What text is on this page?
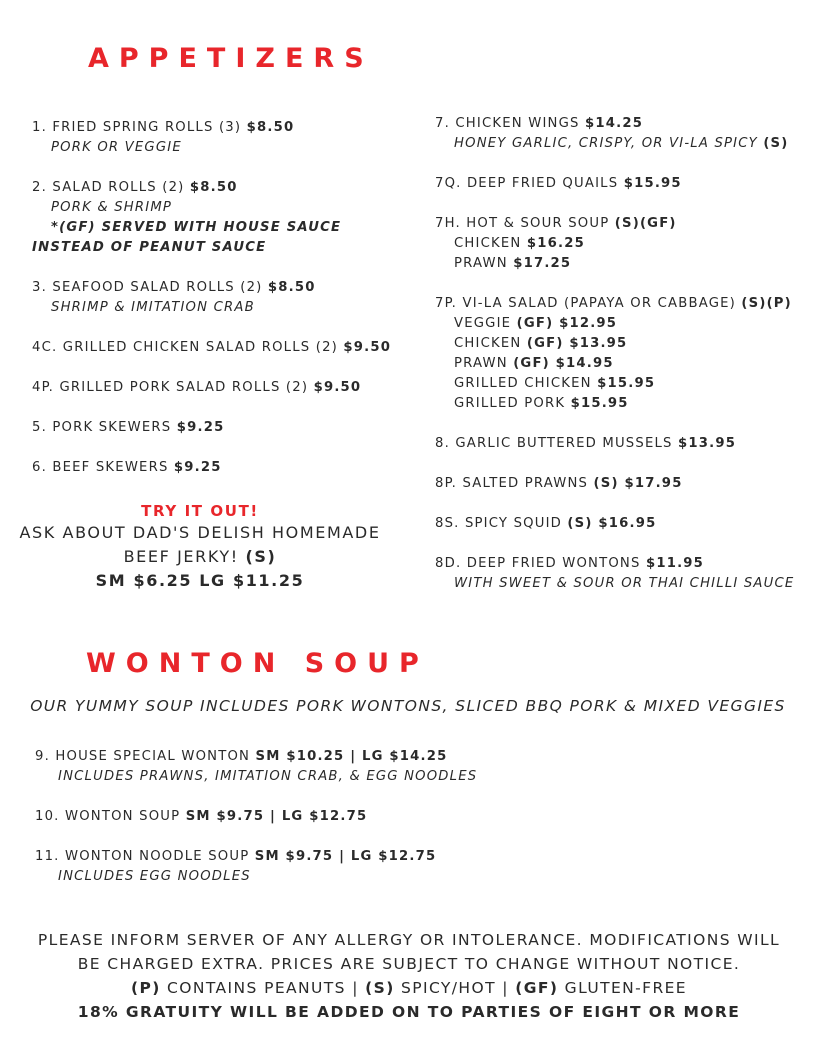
APPETIZERS

1. FRIED SPRING ROLLS (3) $8.50

PORK OR VEGGIE

2. SALAD ROLLS (2) $8.50

PORK & SHRIMP

*(GF) SERVED WITH HOUSE SAUCE

INSTEAD OF PEANUT SAUCE

3. SEAFOOD SALAD ROLLS (2) $8.50

SHRIMP & IMITATION CRAB

4C. GRILLED CHICKEN SALAD ROLLS (2) $9.50

4P. GRILLED PORK SALAD ROLLS (2) $9.50

5. PORK SKEWERS $9.25

6. BEEF SKEWERS $9.25

TRY IT OUT!
ASK ABOUT DAD'S DELISH HOMEMADE
BEEF JERKY! (S)
SM $6.25 LG $11.25

7. CHICKEN WINGS $14.25

HONEY GARLIC, CRISPY, OR VI-LA SPICY (S)

7Q. DEEP FRIED QUAILS $15.95

7H. HOT & SOUR SOUP (S)(GF)

CHICKEN $16.25

PRAWN $17.25

7P. VI-LA SALAD (PAPAYA OR CABBAGE) (S)(P)

VEGGIE (GF) $12.95

CHICKEN (GF) $13.95

PRAWN (GF) $14.95

GRILLED CHICKEN $15.95

GRILLED PORK $15.95

8. GARLIC BUTTERED MUSSELS $13.95

8P. SALTED PRAWNS (S) $17.95

8S. SPICY SQUID (S) $16.95

8D. DEEP FRIED WONTONS $11.95

WITH SWEET & SOUR OR THAI CHILLI SAUCE

WONTON SOUP
OUR YUMMY SOUP INCLUDES PORK WONTONS, SLICED BBQ PORK & MIXED VEGGIES

9. HOUSE SPECIAL WONTON SM $10.25 | LG $14.25

INCLUDES PRAWNS, IMITATION CRAB, & EGG NOODLES

10. WONTON SOUP SM $9.75 | LG $12.75

11. WONTON NOODLE SOUP SM $9.75 | LG $12.75

INCLUDES EGG NOODLES

PLEASE INFORM SERVER OF ANY ALLERGY OR INTOLERANCE. MODIFICATIONS WILL

BE CHARGED EXTRA. PRICES ARE SUBJECT TO CHANGE WITHOUT NOTICE.

(P) CONTAINS PEANUTS | (S) SPICY/HOT | (GF) GLUTEN-FREE

18% GRATUITY WILL BE ADDED ON TO PARTIES OF EIGHT OR MORE
